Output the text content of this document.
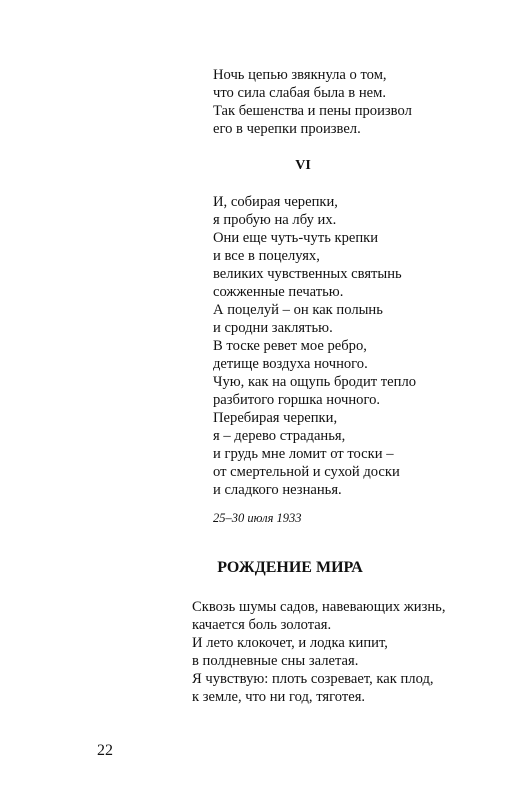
Ночь цепью звякнула о том,
что сила слабая была в нем.
Так бешенства и пены произвол
его в черепки произвел.
VI
И, собирая черепки,
я пробую на лбу их.
Они еще чуть-чуть крепки
и все в поцелуях,
великих чувственных святынь
сожженные печатью.
А поцелуй – он как полынь
и сродни заклятью.
В тоске ревет мое ребро,
детище воздуха ночного.
Чую, как на ощупь бродит тепло
разбитого горшка ночного.
Перебирая черепки,
я – дерево страданья,
и грудь мне ломит от тоски –
от смертельной и сухой доски
и сладкого незнанья.
25–30 июля 1933
РОЖДЕНИЕ МИРА
Сквозь шумы садов, навевающих жизнь,
качается боль золотая.
И лето клокочет, и лодка кипит,
в полдневные сны залетая.
Я чувствую: плоть созревает, как плод,
к земле, что ни год, тяготея.
22
